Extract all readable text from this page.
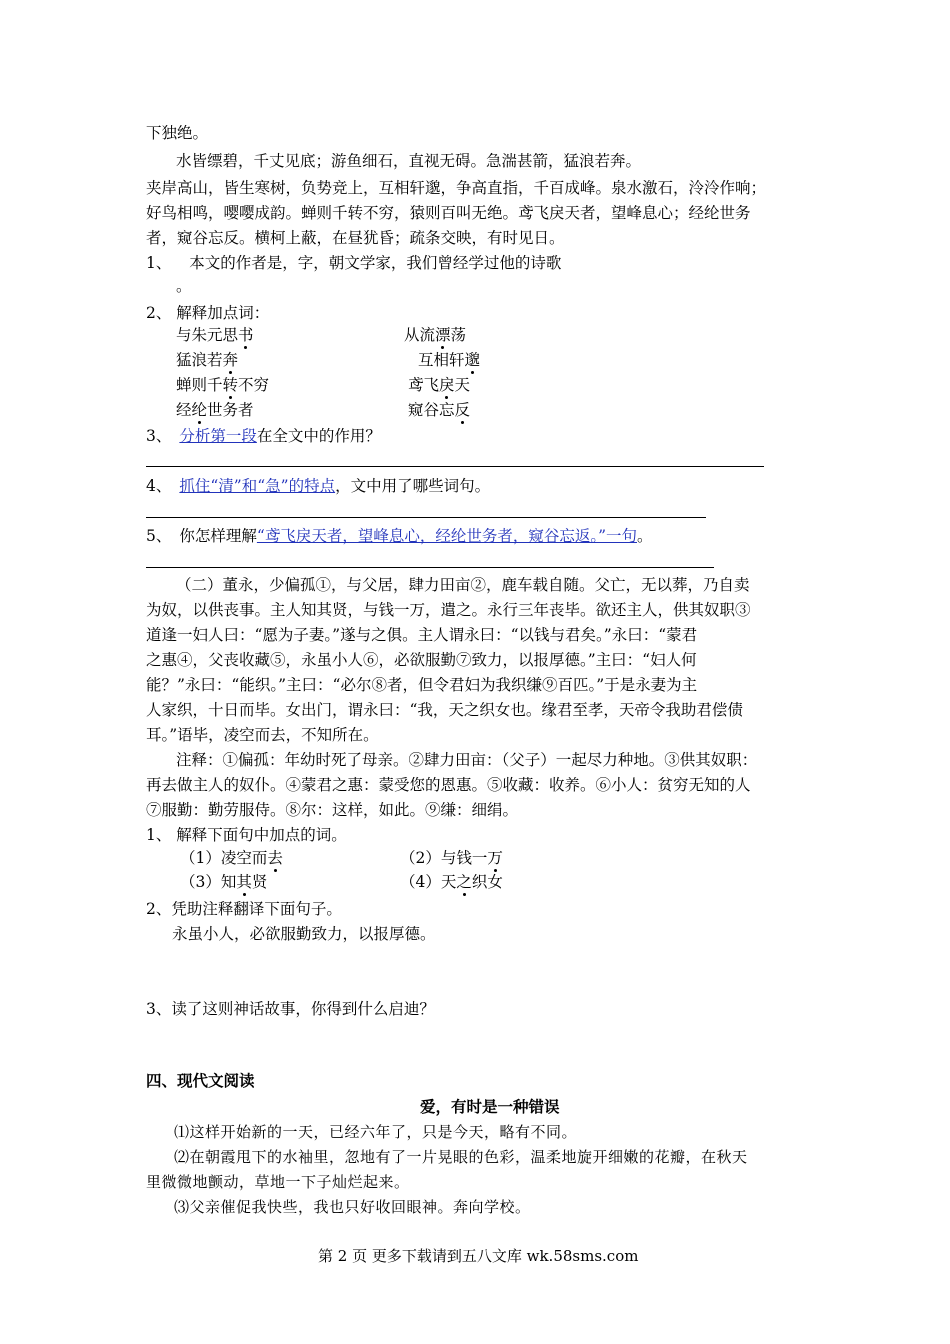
下独绝。
水皆缥碧，千丈见底；游鱼细石，直视无碍。急湍甚箭，猛浪若奔。
夹岸高山，皆生寒树，负势竞上，互相轩邈，争高直指，千百成峰。泉水激石，泠泠作响；
好鸟相鸣，嘤嘤成韵。蝉则千转不穷，猿则百叫无绝。鸢飞戾天者，望峰息心；经纶世务
者，窥谷忘反。横柯上蔽，在昼犹昏；疏条交映，有时见日。
1、 本文的作者是，字，朝文学家，我们曾经学过他的诗歌
。
2、 解释加点词：
与朱元思书	从流漂荡
猛浪若奔	互相轩邈
蝉则千转不穷	鸢飞戾天
经纶世务者	窥谷忘反
3、 分析第一段在全文中的作用？
4、 抓住“清”和“急”的特点，文中用了哪些词句。
5、 你怎样理解“鸢飞戾天者，望峰息心，经纶世务者，窥谷忘返。”一句。
（二）董永，少偏孤①，与父居，肆力田亩②，鹿车载自随。父亡，无以葬，乃自卖
为奴，以供丧事。主人知其贤，与钱一万，遣之。永行三年丧毕。欲还主人，供其奴职③
道逢一妇人曰：“愿为子妻。”遂与之俱。主人谓永曰：“以钱与君矣。”永曰：“蒙君
之惠④，父丧收藏⑤，永虽小人⑥，必欲服勤⑦致力，以报厚德。”主曰：“妇人何
能？”永曰：“能织。”主曰：“必尔⑧者，但令君妇为我织缣⑨百匹。”于是永妻为主
人家织，十日而毕。女出门，谓永曰：“我，天之织女也。缘君至孝，天帝令我助君偿债
耳。”语毕，凌空而去，不知所在。
注释：①偏孤：年幼时死了母亲。②肆力田亩：（父子）一起尽力种地。③供其奴职：
再去做主人的奴仆。④蒙君之惠：蒙受您的恩惠。⑤收藏：收养。⑥小人：贫穷无知的人
⑦服勤：勤劳服侍。⑧尔：这样，如此。⑨缣：细绢。
1、 解释下面句中加点的词。
（1）凌空而去	（2）与钱一万
（3）知其贤	（4）天之织女
2、凭助注释翻译下面句子。
永虽小人，必欲服勤致力，以报厚德。
3、读了这则神话故事，你得到什么启迪？
四、现代文阅读
爱，有时是一种错误
⑴这样开始新的一天，已经六年了，只是今天，略有不同。
⑵在朝霞甩下的水袖里，忽地有了一片晃眼的色彩，温柔地旋开细嫩的花瓣，在秋天
里微微地颤动，草地一下子灿烂起来。
⑶父亲催促我快些，我也只好收回眼神。奔向学校。
第 2 页 更多下载请到五八文库 wk.58sms.com
